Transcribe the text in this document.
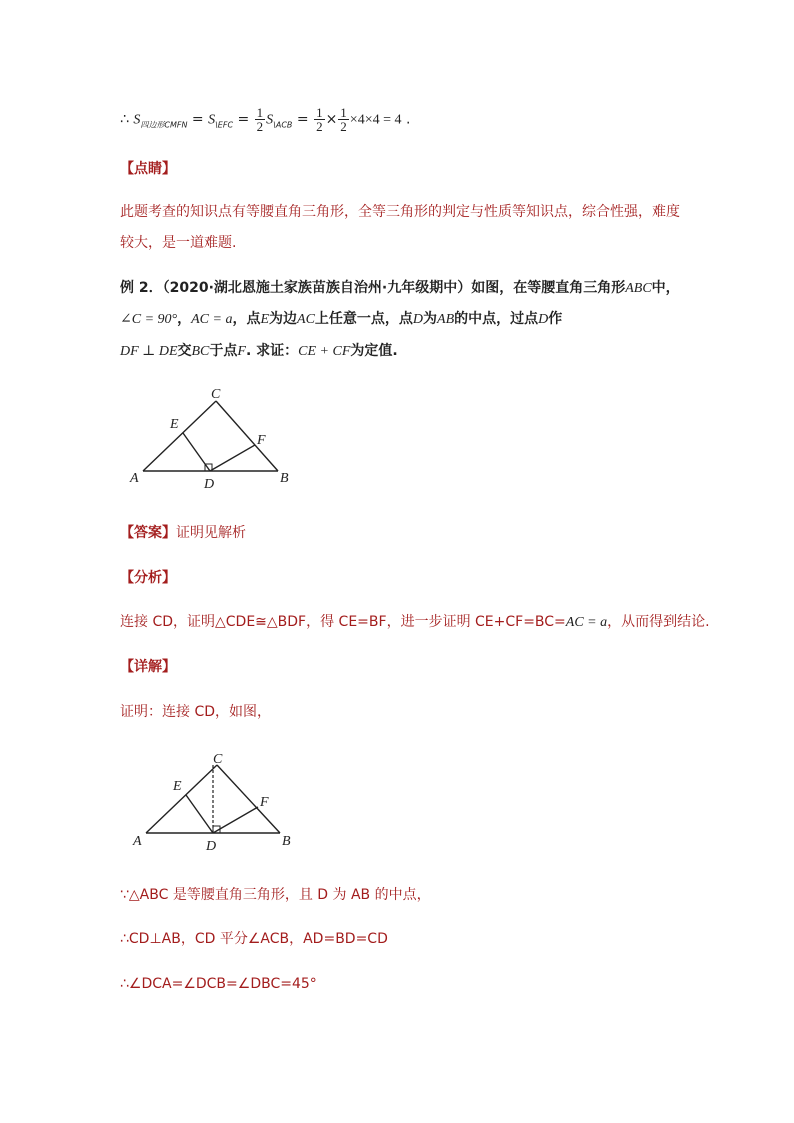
∴ $S_{四边形CMFN} = S_{\backslash EFC} = \frac{1}{2} S_{\backslash ACB} = \frac{1}{2} \times \frac{1}{2} \times 4\times 4 = 4$ .
【点睛】
此题考查的知识点有等腰直角三角形，全等三角形的判定与性质等知识点，综合性强，难度
较大，是一道难题.
例 2．（2020·湖北恩施土家族苗族自治州·九年级期中）如图，在等腰直角三角形ABC中，
∠C = 90°，AC = a，点E为边AC上任意一点，点D为AB的中点，过点D作
DF ⊥ DE交BC于点F. 求证：CE + CF为定值.
C
E
F
A	D	B
【答案】证明见解析
【分析】
连接 CD，证明△CDE≅△BDF，得 CE=BF，进一步证明 CE+CF=BC=AC = a，从而得到结论.
【详解】
证明：连接 CD，如图，
C
E
F
A	D	B
∵△ABC 是等腰直角三角形，且 D 为 AB 的中点，
∴CD⊥AB，CD 平分∠ACB，AD=BD=CD
∴∠DCA=∠DCB=∠DBC=45°
